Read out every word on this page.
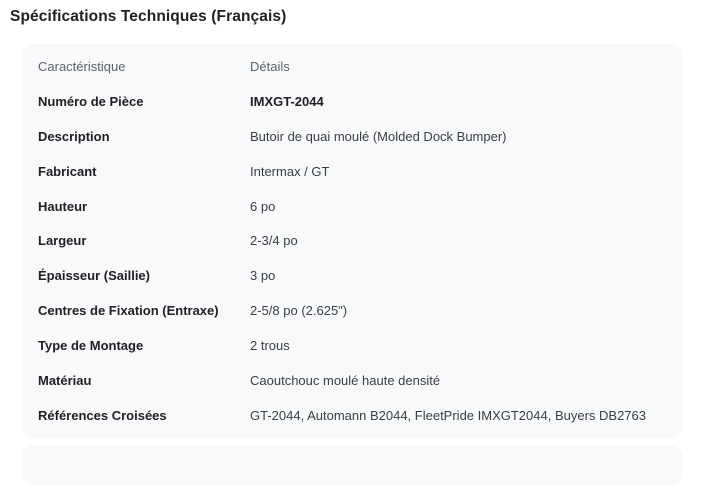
Spécifications Techniques (Français)
Caractéristique	Détails
Numéro de Pièce	IMXGT-2044
Description	Butoir de quai moulé (Molded Dock Bumper)
Fabricant	Intermax / GT
Hauteur	6 po
Largeur	2-3/4 po
Épaisseur (Saillie)	3 po
Centres de Fixation (Entraxe)	2-5/8 po (2.625")
Type de Montage	2 trous
Matériau	Caoutchouc moulé haute densité
Références Croisées	GT-2044, Automann B2044, FleetPride IMXGT2044, Buyers DB2763
